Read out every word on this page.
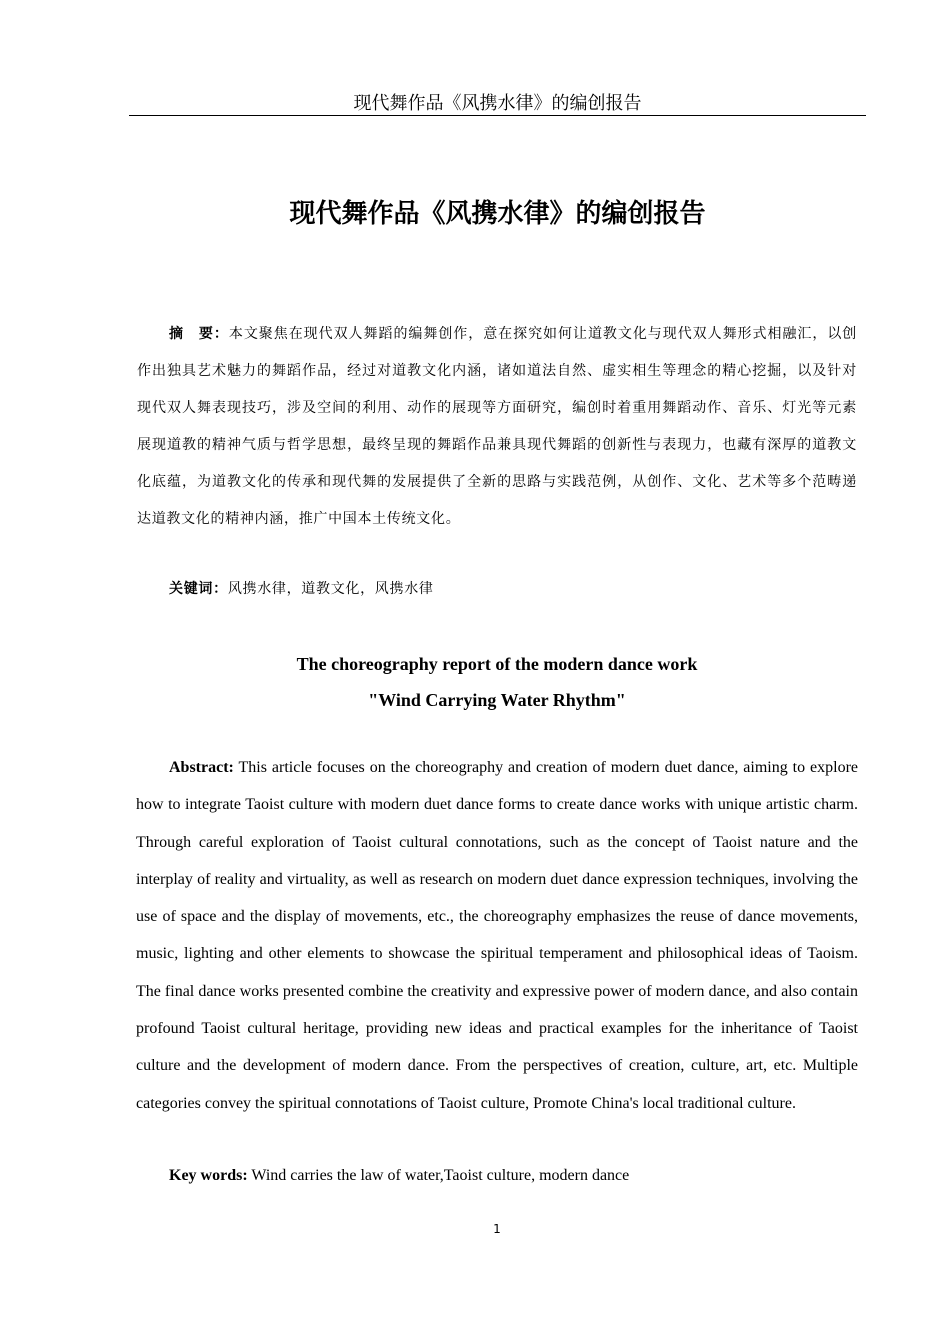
现代舞作品《风携水律》的编创报告
现代舞作品《风携水律》的编创报告

摘　要：本文聚焦在现代双人舞蹈的编舞创作，意在探究如何让道教文化与现代双人舞形式相融汇，以创作出独具艺术魅力的舞蹈作品，经过对道教文化内涵，诸如道法自然、虚实相生等理念的精心挖掘，以及针对现代双人舞表现技巧，涉及空间的利用、动作的展现等方面研究，编创时着重用舞蹈动作、音乐、灯光等元素展现道教的精神气质与哲学思想，最终呈现的舞蹈作品兼具现代舞蹈的创新性与表现力，也藏有深厚的道教文化底蕴，为道教文化的传承和现代舞的发展提供了全新的思路与实践范例，从创作、文化、艺术等多个范畴递达道教文化的精神内涵，推广中国本土传统文化。

关键词：风携水律，道教文化，风携水律

The choreography report of the modern dance work
"Wind Carrying Water Rhythm"

Abstract: This article focuses on the choreography and creation of modern duet dance, aiming to explore how to integrate Taoist culture with modern duet dance forms to create dance works with unique artistic charm. Through careful exploration of Taoist cultural connotations, such as the concept of Taoist nature and the interplay of reality and virtuality, as well as research on modern duet dance expression techniques, involving the use of space and the display of movements, etc., the choreography emphasizes the reuse of dance movements, music, lighting and other elements to showcase the spiritual temperament and philosophical ideas of Taoism. The final dance works presented combine the creativity and expressive power of modern dance, and also contain profound Taoist cultural heritage, providing new ideas and practical examples for the inheritance of Taoist culture and the development of modern dance. From the perspectives of creation, culture, art, etc. Multiple categories convey the spiritual connotations of Taoist culture, Promote China's local traditional culture.

Key words: Wind carries the law of water,Taoist culture, modern dance

1
